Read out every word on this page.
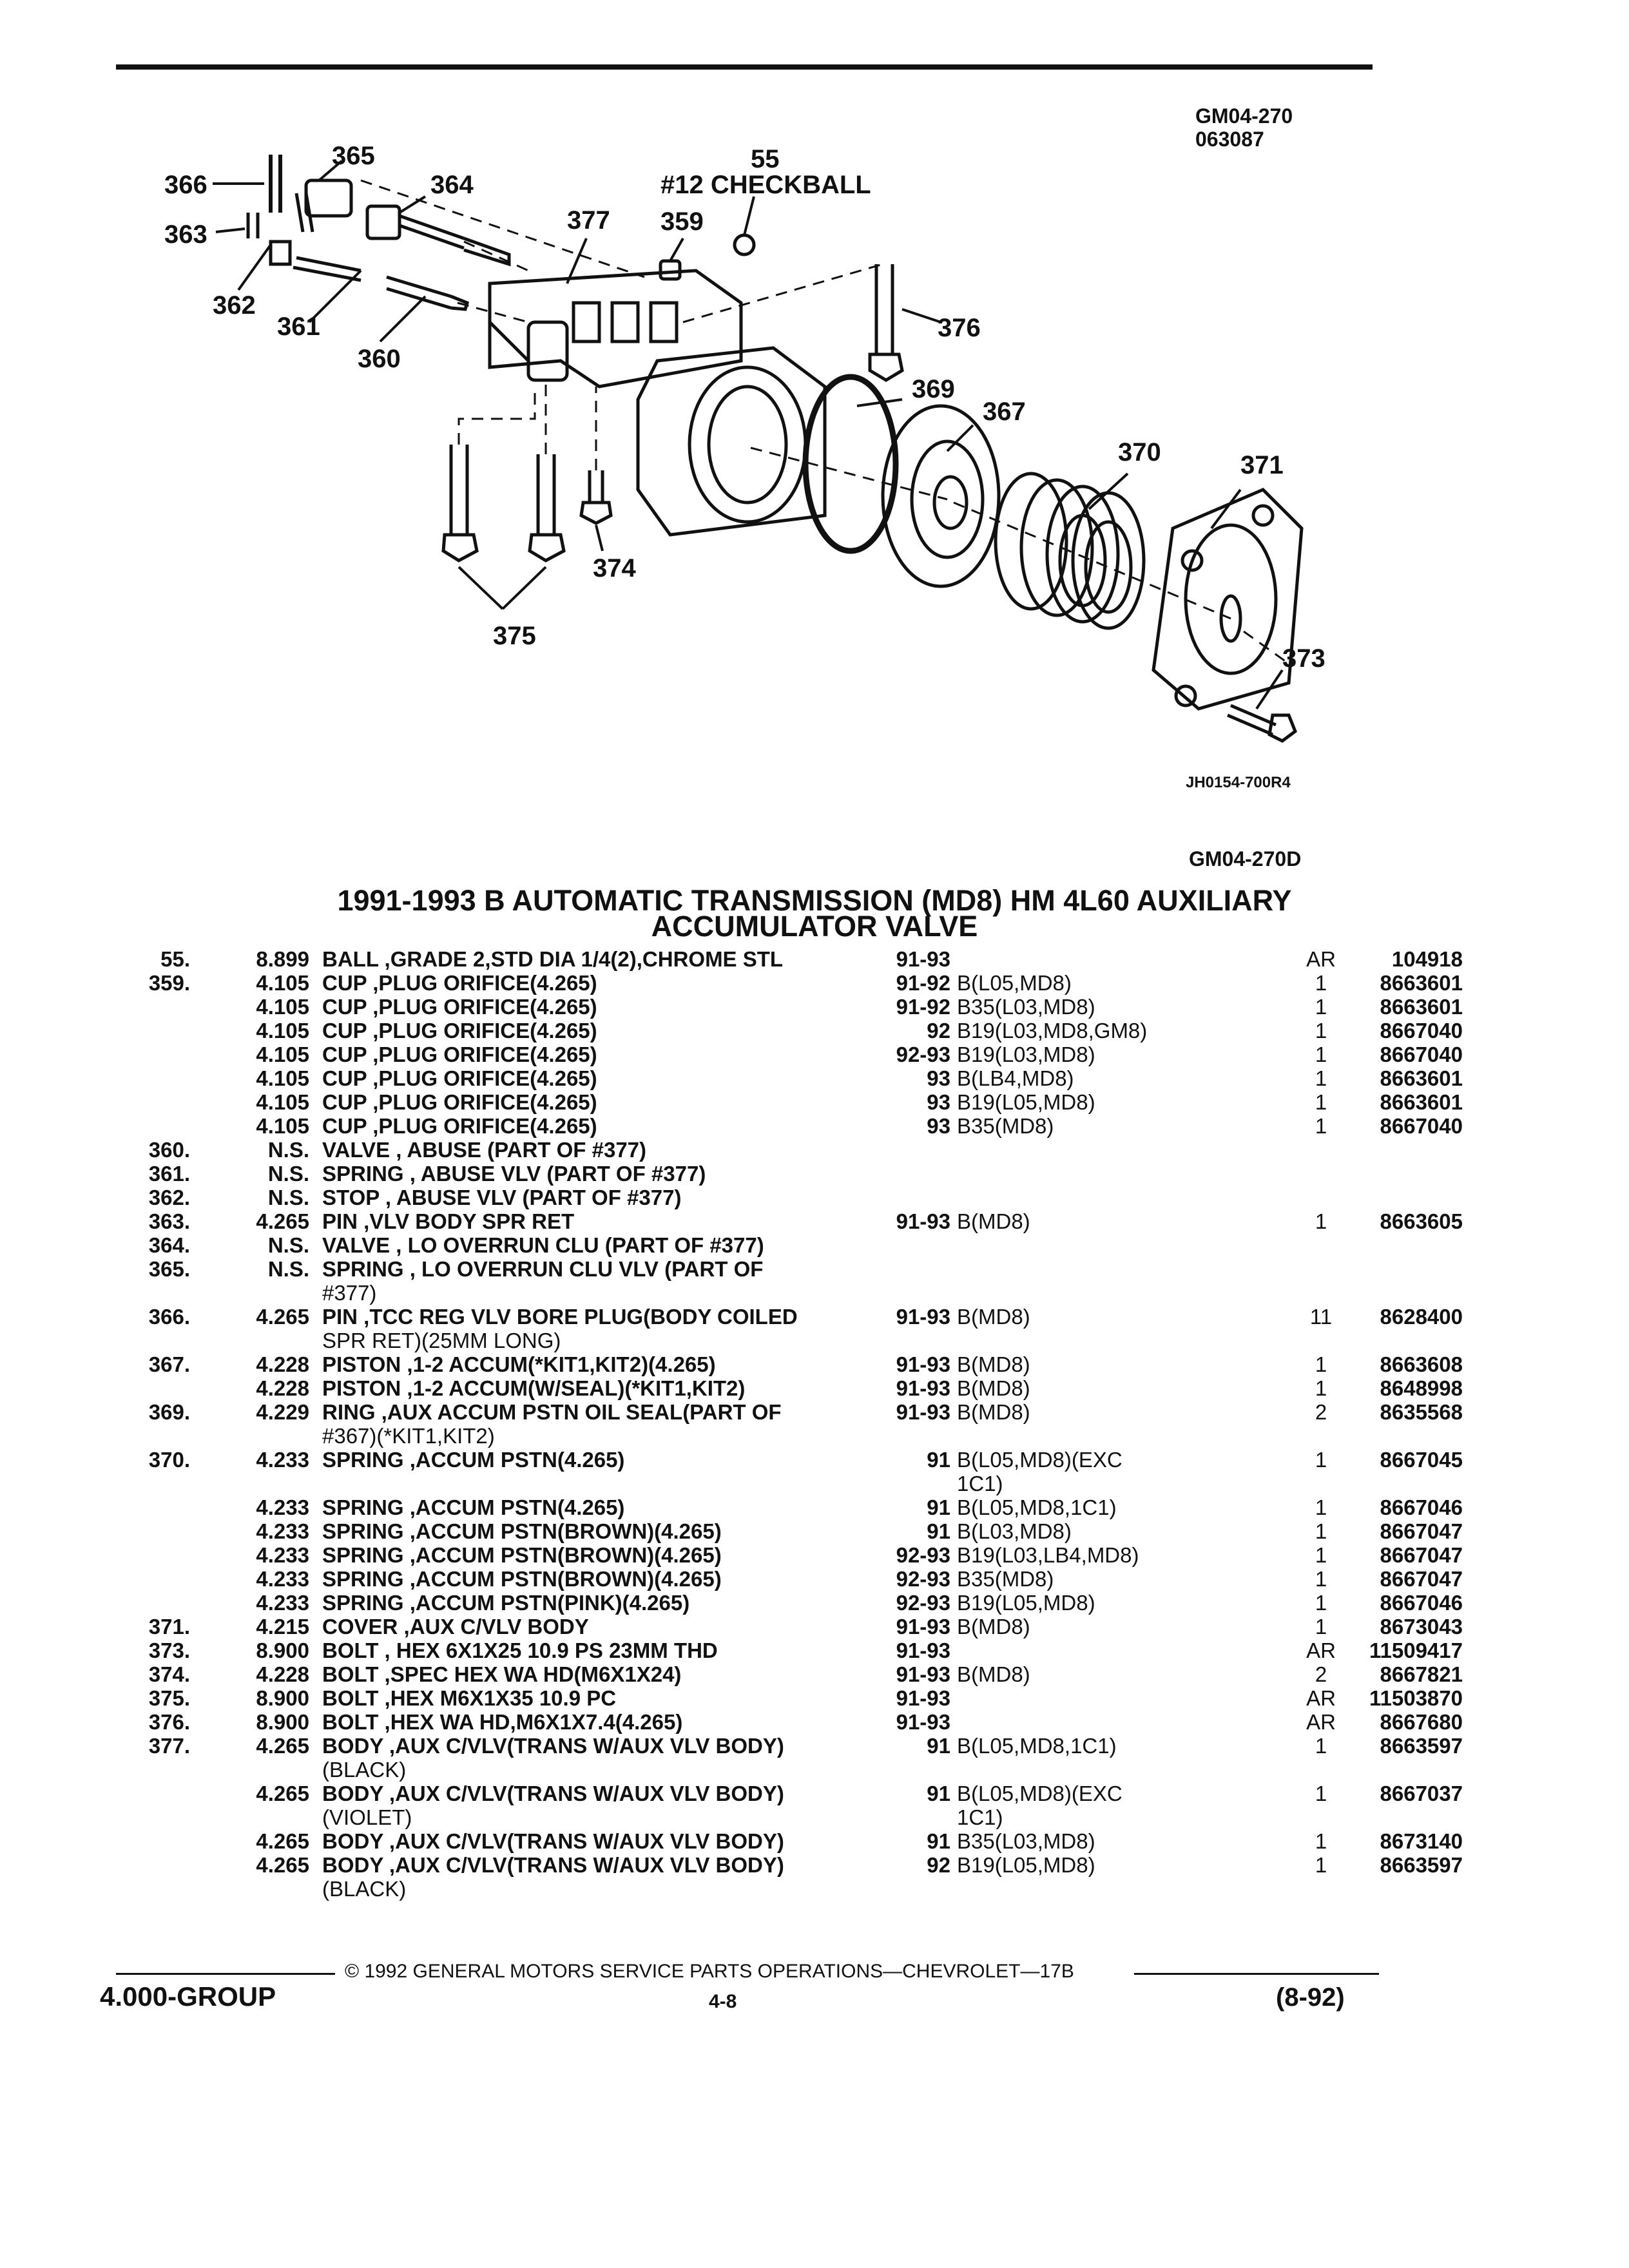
GM04-270
063087
366
365
364
363
362
361
360
377 359
55
#12 CHECKBALL
376
369
367
370	371
373
374
375
JH0154-700R4
GM04-270D
1991-1993 B AUTOMATIC TRANSMISSION (MD8) HM 4L60 AUXILIARY
ACCUMULATOR VALVE
55.	8.899 BALL ,GRADE 2,STD DIA 1/4(2),CHROME STL	91-93	AR	104918
359.	4.105 CUP ,PLUG ORIFICE(4.265)	91-92 B(L05,MD8)	1	8663601
4.105 CUP ,PLUG ORIFICE(4.265)	91-92 B35(L03,MD8)	1	8663601
4.105 CUP ,PLUG ORIFICE(4.265)	92 B19(L03,MD8,GM8)	1	8667040
4.105 CUP ,PLUG ORIFICE(4.265)	92-93 B19(L03,MD8)	1	8667040
4.105 CUP ,PLUG ORIFICE(4.265)	93 B(LB4,MD8)	1	8663601
4.105 CUP ,PLUG ORIFICE(4.265)	93 B19(L05,MD8)	1	8663601
4.105 CUP ,PLUG ORIFICE(4.265)	93 B35(MD8)	1	8667040
360.	N.S. VALVE , ABUSE (PART OF #377)
361.	N.S. SPRING , ABUSE VLV (PART OF #377)
362.	N.S. STOP , ABUSE VLV (PART OF #377)
363.	4.265 PIN ,VLV BODY SPR RET	91-93 B(MD8)	1	8663605
364.	N.S. VALVE , LO OVERRUN CLU (PART OF #377)
365.	N.S. SPRING , LO OVERRUN CLU VLV (PART OF
#377)
366.	4.265 PIN ,TCC REG VLV BORE PLUG(BODY COILED	91-93 B(MD8)	11	8628400
SPR RET)(25MM LONG)
367.	4.228 PISTON ,1-2 ACCUM(*KIT1,KIT2)(4.265)	91-93 B(MD8)	1	8663608
4.228 PISTON ,1-2 ACCUM(W/SEAL)(*KIT1,KIT2)	91-93 B(MD8)	1	8648998
369.	4.229 RING ,AUX ACCUM PSTN OIL SEAL(PART OF	91-93 B(MD8)	2	8635568
#367)(*KIT1,KIT2)
370.	4.233 SPRING ,ACCUM PSTN(4.265)	91 B(L05,MD8)(EXC	1	8667045
1C1)
4.233 SPRING ,ACCUM PSTN(4.265)	91 B(L05,MD8,1C1)	1	8667046
4.233 SPRING ,ACCUM PSTN(BROWN)(4.265)	91 B(L03,MD8)	1	8667047
4.233 SPRING ,ACCUM PSTN(BROWN)(4.265)	92-93 B19(L03,LB4,MD8)	1	8667047
4.233 SPRING ,ACCUM PSTN(BROWN)(4.265)	92-93 B35(MD8)	1	8667047
4.233 SPRING ,ACCUM PSTN(PINK)(4.265)	92-93 B19(L05,MD8)	1	8667046
371.	4.215 COVER ,AUX C/VLV BODY	91-93 B(MD8)	1	8673043
373.	8.900 BOLT , HEX 6X1X25 10.9 PS 23MM THD	91-93	AR	11509417
374.	4.228 BOLT ,SPEC HEX WA HD(M6X1X24)	91-93 B(MD8)	2	8667821
375.	8.900 BOLT ,HEX M6X1X35 10.9 PC	91-93	AR	11503870
376.	8.900 BOLT ,HEX WA HD,M6X1X7.4(4.265)	91-93	AR	8667680
377.	4.265 BODY ,AUX C/VLV(TRANS W/AUX VLV BODY)	91 B(L05,MD8,1C1)	1	8663597
(BLACK)
4.265 BODY ,AUX C/VLV(TRANS W/AUX VLV BODY)	91 B(L05,MD8)(EXC	1	8667037
(VIOLET)	1C1)
4.265 BODY ,AUX C/VLV(TRANS W/AUX VLV BODY)	91 B35(L03,MD8)	1	8673140
4.265 BODY ,AUX C/VLV(TRANS W/AUX VLV BODY)	92 B19(L05,MD8)	1	8663597
(BLACK)
© 1992 GENERAL MOTORS SERVICE PARTS OPERATIONS—CHEVROLET—17B
4.000-GROUP	4-8	(8-92)
